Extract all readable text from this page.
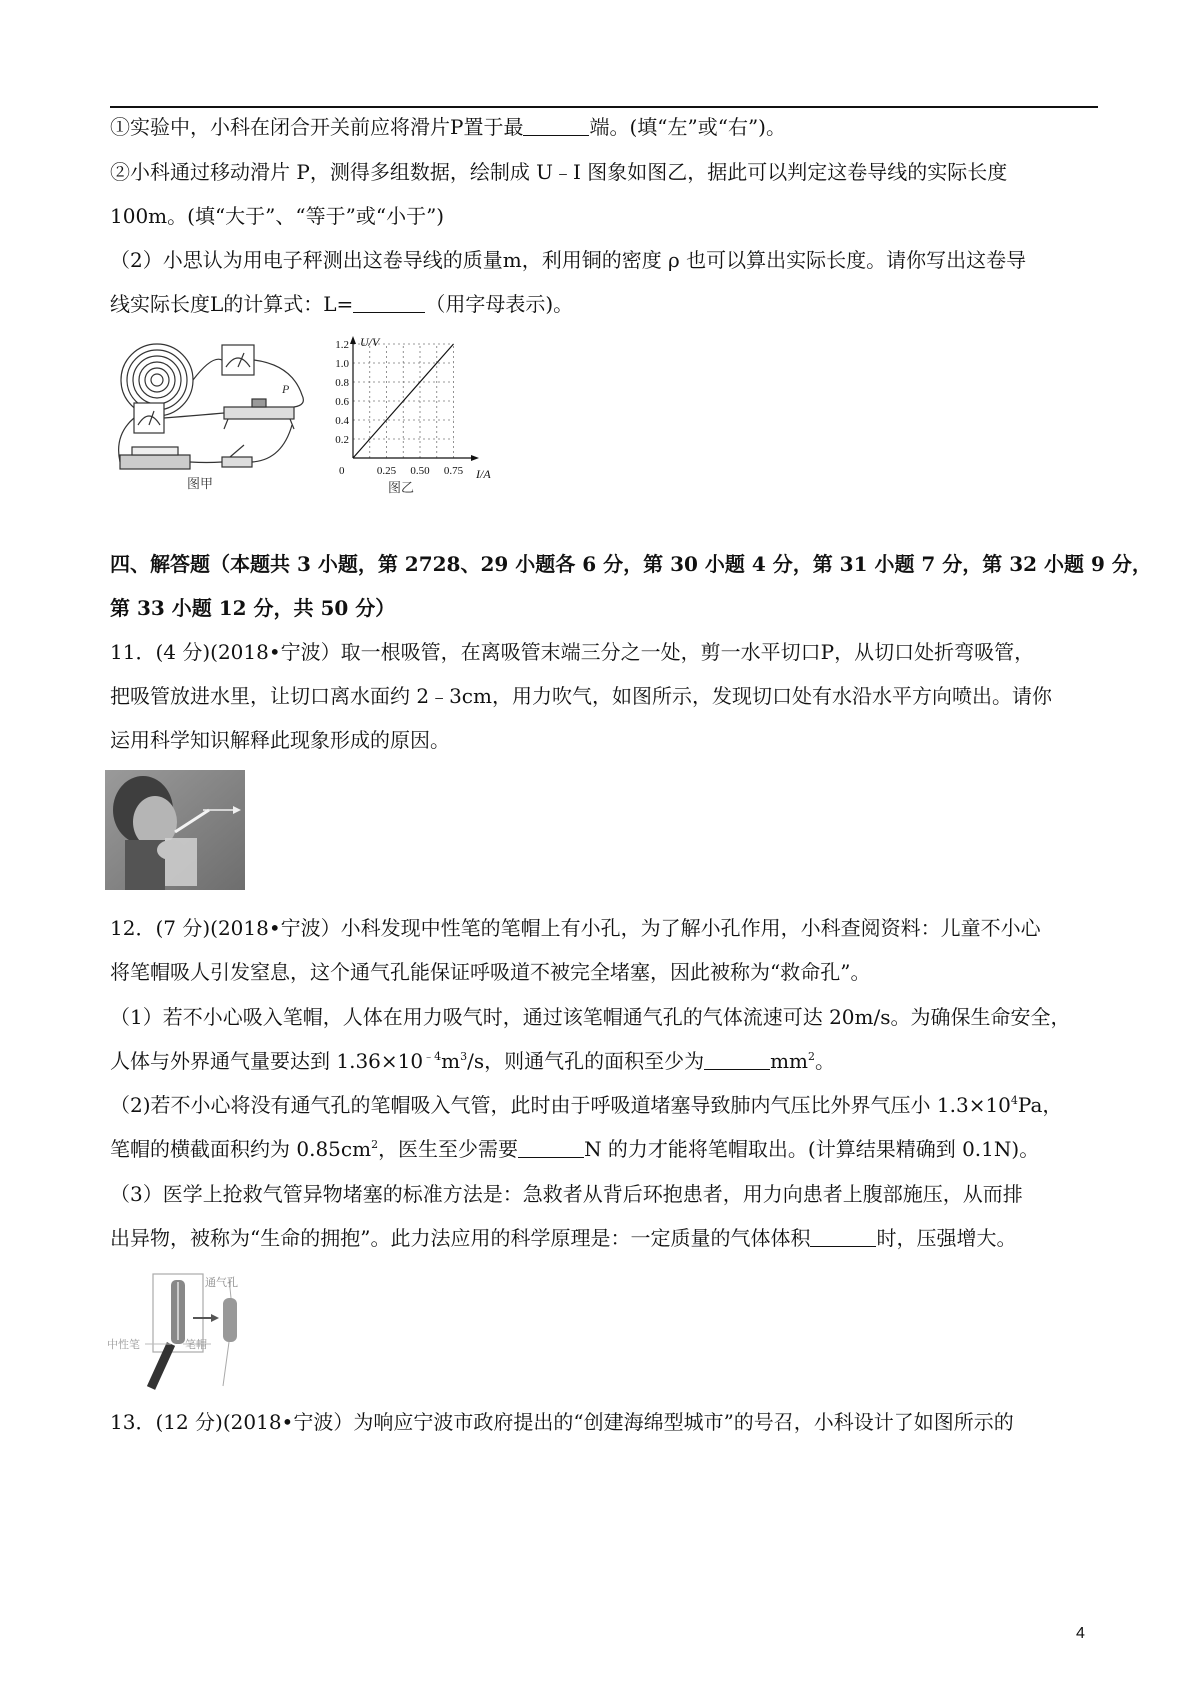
①实验中，小科在闭合开关前应将滑片P置于最	端。(填“左”或“右”)。
②小科通过移动滑片 P，测得多组数据，绘制成 U﹣I 图象如图乙，据此可以判定这卷导线的实际长度
100m。(填“大于”、“等于”或“小于”)
（2）小思认为用电子秤测出这卷导线的质量m，利用铜的密度 ρ 也可以算出实际长度。请你写出这卷导
线实际长度L的计算式：L=	（用字母表示)。
P
图甲
0.2
0.4
0.6
0.8
1.0
1.2
0	0.25 0.50 0.75
U/V
I/A
图乙
四、解答题（本题共 3 小题，第 2728、29 小题各 6 分，第 30 小题 4 分，第 31 小题 7 分，第 32 小题 9 分，
第 33 小题 12 分，共 50 分）
11．(4 分)(2018•宁波）取一根吸管，在离吸管末端三分之一处，剪一水平切口P，从切口处折弯吸管，
把吸管放进水里，让切口离水面约 2﹣3cm，用力吹气，如图所示，发现切口处有水沿水平方向喷出。请你
运用科学知识解释此现象形成的原因。
12．(7 分)(2018•宁波）小科发现中性笔的笔帽上有小孔，为了解小孔作用，小科查阅资料：儿童不小心
将笔帽吸人引发窒息，这个通气孔能保证呼吸道不被完全堵塞，因此被称为“救命孔”。
（1）若不小心吸入笔帽，人体在用力吸气时，通过该笔帽通气孔的气体流速可达 20m/s。为确保生命安全，
人体与外界通气量要达到 $1.36\times 10^{﹣4}m^3/s$，则通气孔的面积至少为	$mm^2$。
（2)若不小心将没有通气孔的笔帽吸入气管，此时由于呼吸道堵塞导致肺内气压比外界气压小 $1.3\times 10^4Pa$，
笔帽的横截面积约为 $0.85cm^2$，医生至少需要	N 的力才能将笔帽取出。(计算结果精确到 0.1N)。
（3）医学上抢救气管异物堵塞的标准方法是：急救者从背后环抱患者，用力向患者上腹部施压，从而排
出异物，被称为“生命的拥抱”。此力法应用的科学原理是：一定质量的气体体积	时，压强增大。
通气孔
中性笔	笔帽
13．(12 分)(2018•宁波）为响应宁波市政府提出的“创建海绵型城市”的号召，小科设计了如图所示的
4
